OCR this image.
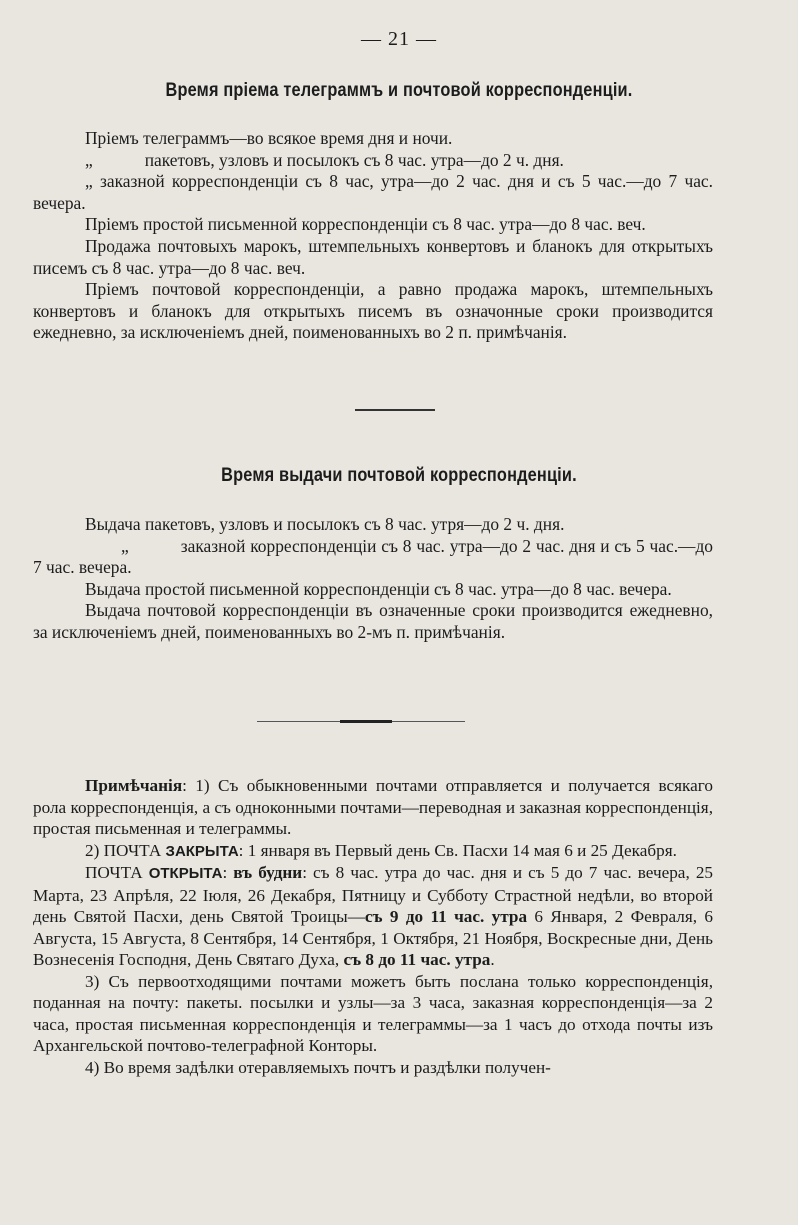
— 21 —
Время пріема телеграммъ и почтовой корреспонденціи.

Пріемъ телеграммъ—во всякое время дня и ночи.

„	пакетовъ, узловъ и посылокъ съ 8 час. утра—до 2 ч. дня.

„ заказной корреспонденціи съ 8 час, утра—до 2 час. дня и съ 5 час.—до 7 час. вечера.

Пріемъ простой письменной корреспонденціи съ 8 час. утра—до 8 час. веч.

Продажа почтовыхъ марокъ, штемпельныхъ конвертовъ и бланокъ для открытыхъ писемъ съ 8 час. утра—до 8 час. веч.

Пріемъ почтовой корреспонденціи, а равно продажа марокъ, штемпельныхъ конвертовъ и бланокъ для открытыхъ писемъ въ означонные сроки производится ежедневно, за исключеніемъ дней, поименованныхъ во 2 п. примѣчанія.

Время выдачи почтовой корреспонденціи.

Выдача пакетовъ, узловъ и посылокъ съ 8 час. утря—до 2 ч. дня.

„	заказной корреспонденціи съ 8 час. утра—до 2 час. дня и съ 5 час.—до 7 час. вечера.

Выдача простой письменной корреспонденціи съ 8 час. утра—до 8 час. вечера.

Выдача почтовой корреспонденціи въ означенные сроки производится ежедневно, за исключеніемъ дней, поименованныхъ во 2-мъ п. примѣчанія.

Примѣчанія: 1) Съ обыкновенными почтами отправляется и получается всякаго рола корреспонденція, а съ одноконными почтами—переводная и заказная корреспонденція, простая письменная и телеграммы.

2) ПОЧТА ЗАКРЫТА: 1 января въ Первый день Св. Пасхи 14 мая 6 и 25 Декабря.

ПОЧТА ОТКРЫТА: въ будни: съ 8 час. утра до час. дня и съ 5 до 7 час. вечера, 25 Марта, 23 Апрѣля, 22 Іюля, 26 Декабря, Пятницу и Субботу Страстной недѣли, во второй день Святой Пасхи, день Святой Троицы—съ 9 до 11 час. утра 6 Января, 2 Февраля, 6 Августа, 15 Августа, 8 Сентября, 14 Сентября, 1 Октября, 21 Ноября, Воскресные дни, День Вознесенія Господня, День Святаго Духа, съ 8 до 11 час. утра.

3) Съ первоотходящими почтами можетъ быть послана только корреспонденція, поданная на почту: пакеты. посылки и узлы—за 3 часа, заказная корреспонденція—за 2 часа, простая письменная корреспонденція и телеграммы—за 1 часъ до отхода почты изъ Архангельской почтово-телеграфной Конторы.

4) Во время задѣлки отеравляемыхъ почтъ и раздѣлки получен-
